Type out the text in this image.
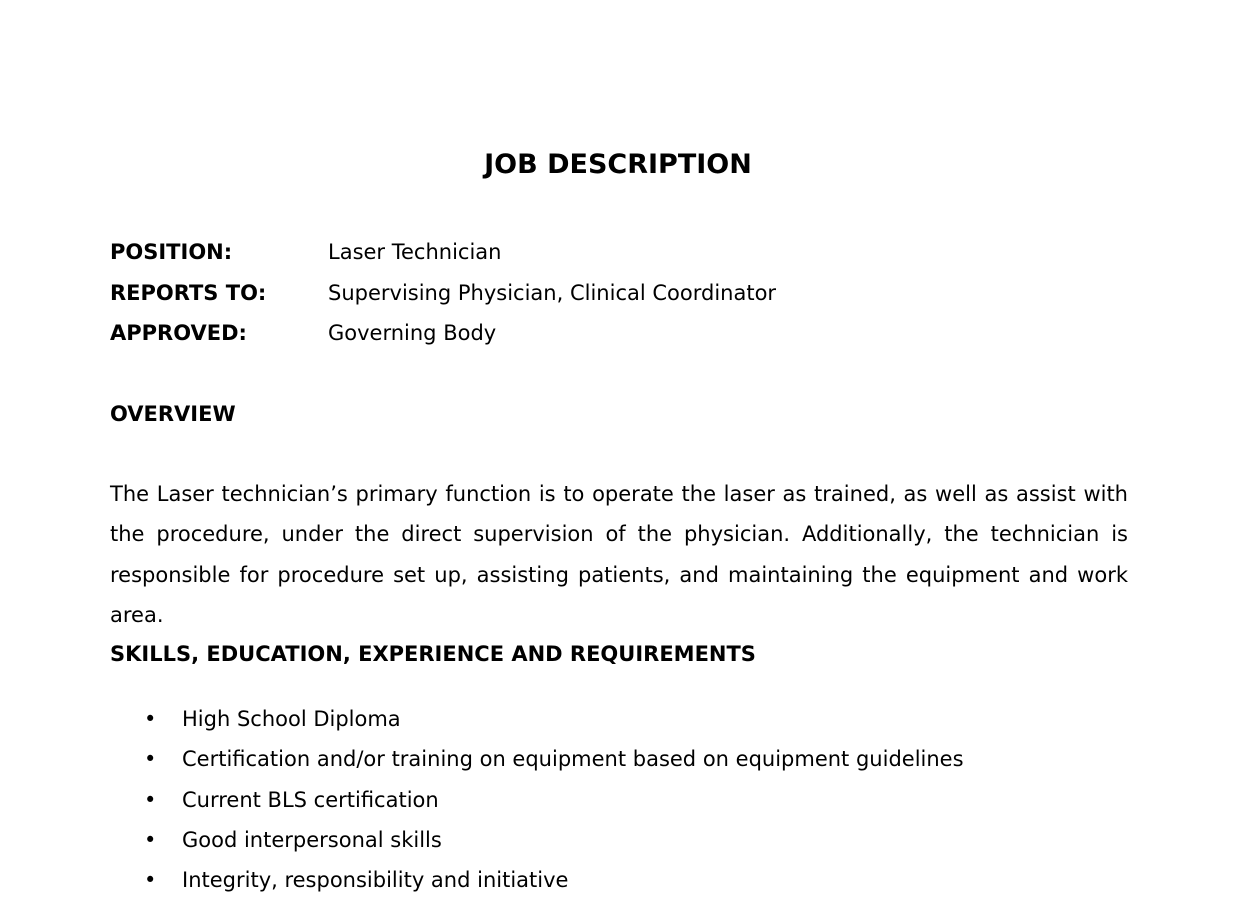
JOB DESCRIPTION
POSITION:	Laser Technician
REPORTS TO:	Supervising Physician, Clinical Coordinator
APPROVED:	Governing Body
OVERVIEW
The Laser technician’s primary function is to operate the laser as trained, as well as assist with the procedure, under the direct supervision of the physician. Additionally, the technician is responsible for procedure set up, assisting patients, and maintaining the equipment and work area.
SKILLS, EDUCATION, EXPERIENCE AND REQUIREMENTS
•	High School Diploma
•	Certification and/or training on equipment based on equipment guidelines
•	Current BLS certification
•	Good interpersonal skills
•	Integrity, responsibility and initiative
